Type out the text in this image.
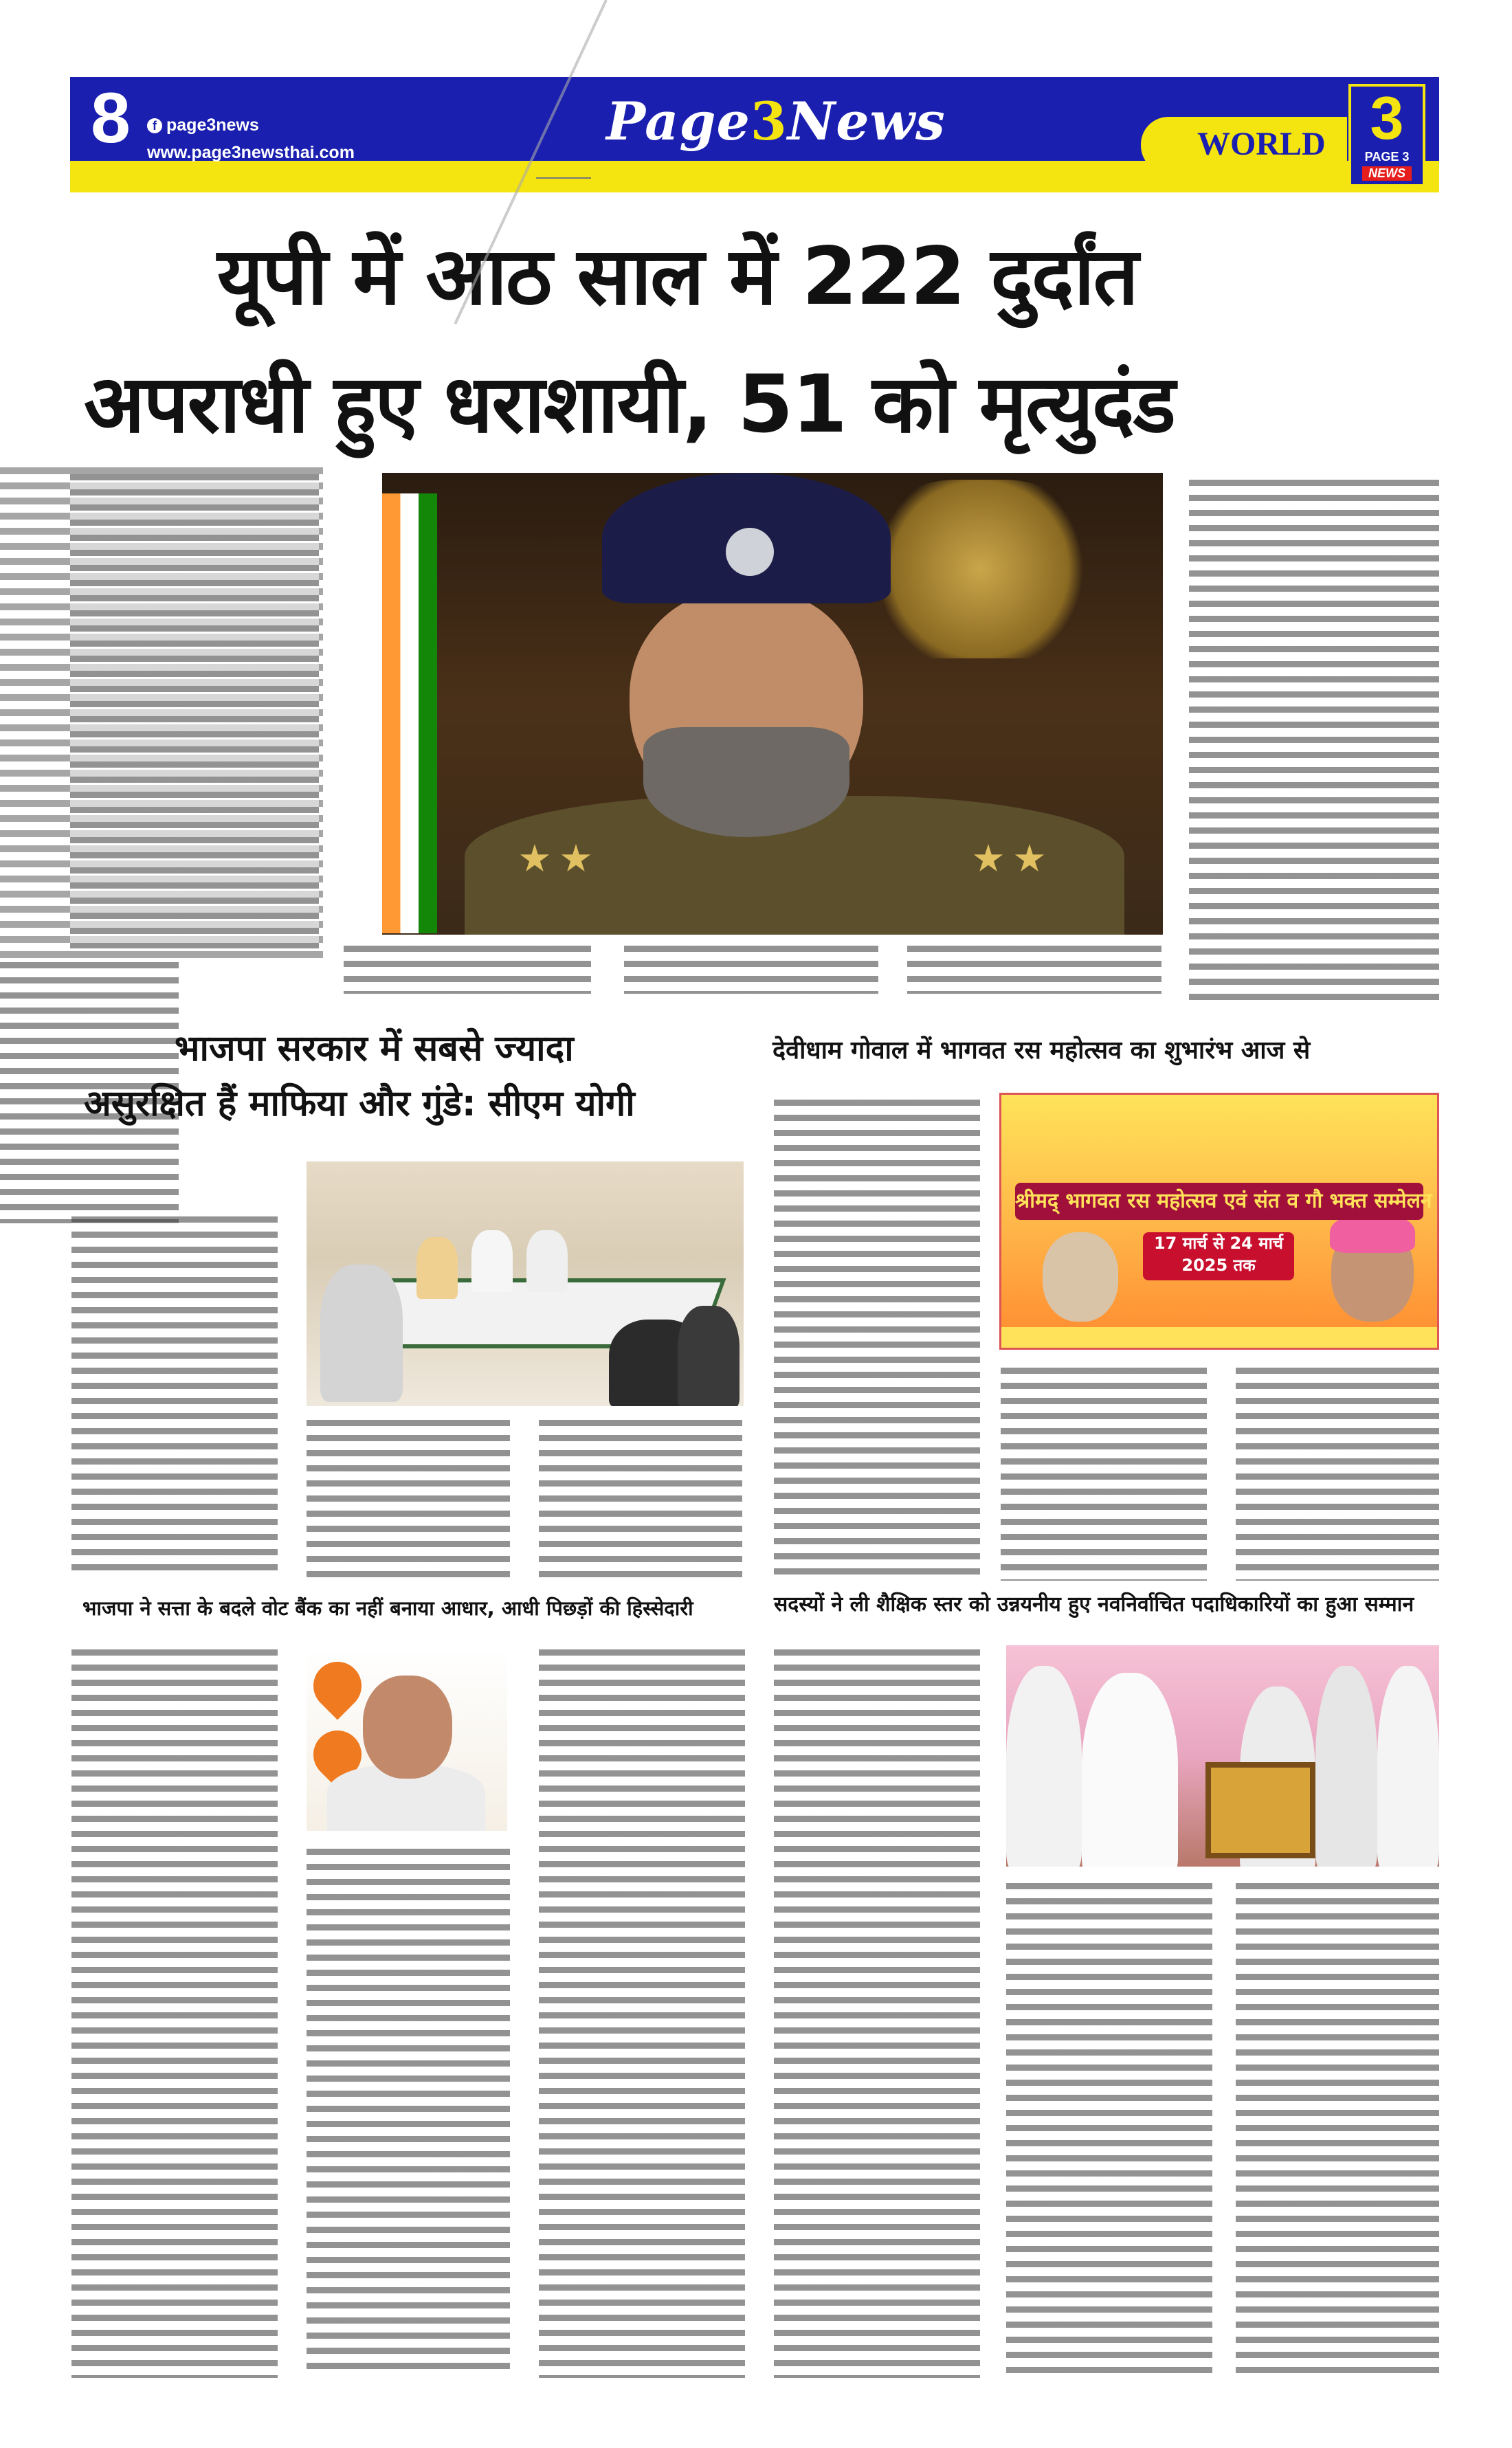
8	f page3news
www.page3newsthai.com
Page3News	WORLD 3
PAGE 3
NEWS
यूपी में आठ साल में 222 दुर्दांत
अपराधी हुए धराशायी, 51 को मृत्युदंड
भाजपा सरकार में सबसे ज्यादा
असुरक्षित हैं माफिया और गुंडे: सीएम योगी
देवीधाम गोवाल में भागवत रस महोत्सव का शुभारंभ आज से
श्रीमद् भागवत रस महोत्सव एवं संत व गौ भक्त सम्मेलन
17 मार्च से 24 मार्च
2025 तक
भाजपा ने सत्ता के बदले वोट बैंक का नहीं बनाया आधार, आधी पिछड़ों की हिस्सेदारी	सदस्यों ने ली शैक्षिक स्तर को उन्नयनीय हुए नवनिर्वाचित पदाधिकारियों का हुआ सम्मान
